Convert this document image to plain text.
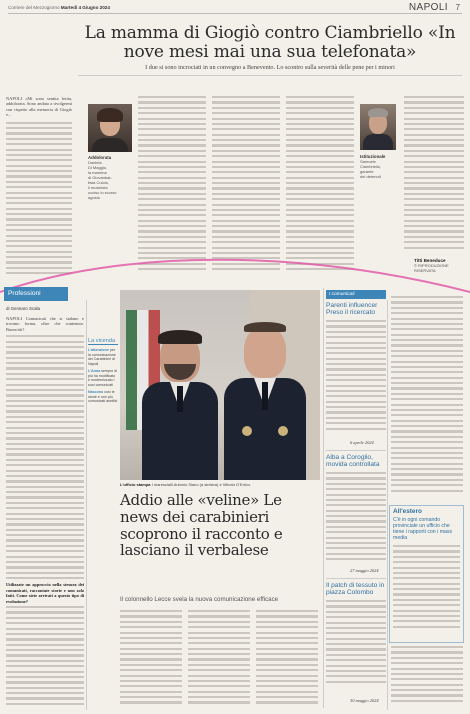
Corriere del Mezzogiorno Martedì 4 Giugno 2024	NAPOLI 7
La mamma di Giogiò contro Ciambriello «In nove mesi mai una sua telefonata»
I due si sono incrociati in un convegno a Benevento. Lo scontro sulla severità delle pene per i minori
NAPOLI «Mi sono sentita ferita, addolorata. Sono andata a rivolgermi con rispetto alla memoria di Giogiò e...
Addolorata
Daniela
Di Maggio,
la mamma
di Giovanbat-
tista Cutolo,
il musicista
ucciso lo scorso
agosto
Istituzionale
Samuele
Ciambriello,
garante
dei detenuti
Titti Beneduce
© RIPRODUZIONE RISERVATA
Professioni
di Gennaro Scala
NAPOLI Comunicati che si stalano e trovano forma, oltre che contenuto. Buoncitti?
Utilizzate un approccio nella stesura dei comunicati, raccontate storie e non solo fatti. Come siete arrivati a questo tipo di evoluzione?
La vicenda
L'attenzione per la comunicazione dei Carabinieri di Napoli
L'Arma sempre di più ha modificato e modernizzato i suoi comunicati
Nascono così le storie e non più comunicati asettici
L'ufficio stampa I marescialli Antonio Siano (a sinistra) e Vittorio D'Errico
Addio alle «veline» Le news dei carabinieri scoprono il racconto e lasciano il verbalese
Il colonnello Lecce svela la nuova comunicazione efficace
I comunicati
Parenti influencer Preso il ricercato
6 aprile 2024
Alba a Coroglio, movida controllata
27 maggio 2024
Il patch di tessuto in piazza Colombo
30 maggio 2024
All'estero
C'è in ogni comando provinciale un ufficio che tiene i rapporti con i mass media
